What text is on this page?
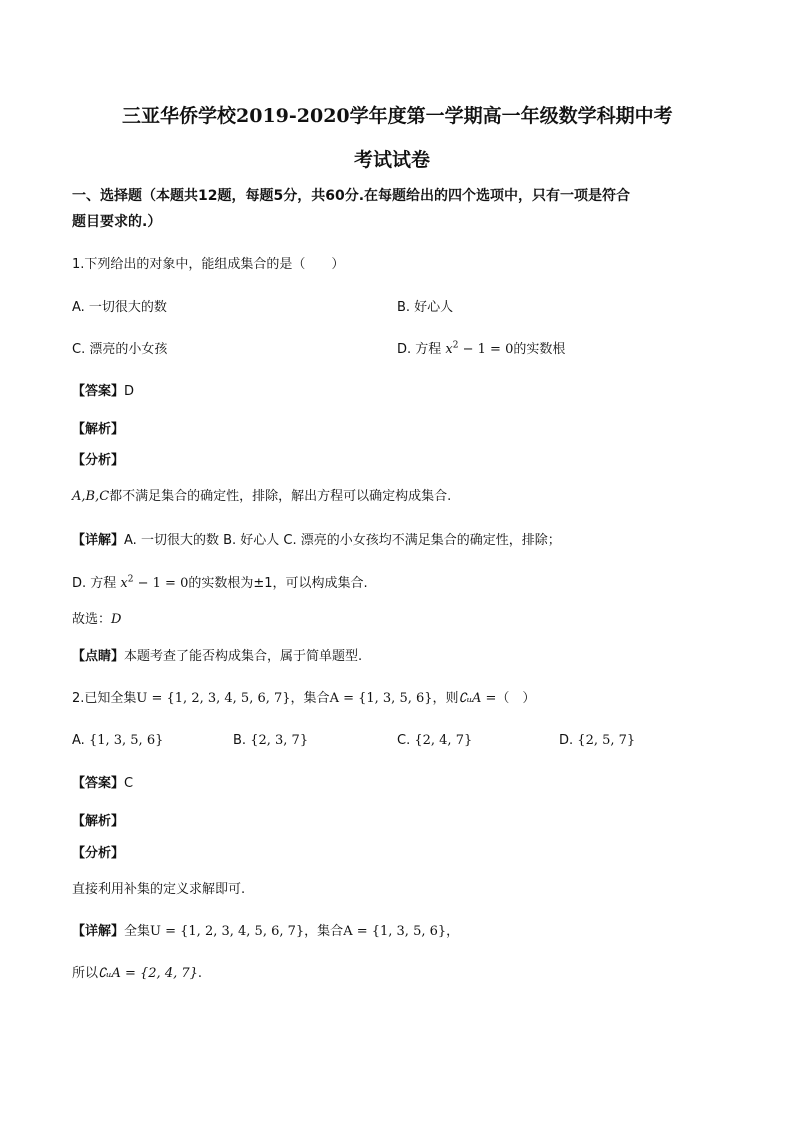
三亚华侨学校2019-2020学年度第一学期高一年级数学科期中考
考试试卷
一、选择题（本题共12题，每题5分，共60分.在每题给出的四个选项中，只有一项是符合
题目要求的.）
1.下列给出的对象中，能组成集合的是（　　）
A. 一切很大的数	B. 好心人
C. 漂亮的小女孩	D. 方程 $x^2 - 1 = 0$的实数根
【答案】D
【解析】
【分析】
A,B,C都不满足集合的确定性，排除，解出方程可以确定构成集合.
【详解】A. 一切很大的数 B. 好心人 C. 漂亮的小女孩均不满足集合的确定性，排除；
D. 方程 $x^2 - 1 = 0$的实数根为±1，可以构成集合.
故选：D
【点睛】本题考查了能否构成集合，属于简单题型.
2.已知全集U = {1, 2, 3, 4, 5, 6, 7}，集合A = {1, 3, 5, 6}，则∁ᵤA =（　）
A. {1, 3, 5, 6}	B. {2, 3, 7}	C. {2, 4, 7}	D. {2, 5, 7}
【答案】C
【解析】
【分析】
直接利用补集的定义求解即可.
【详解】全集U = {1, 2, 3, 4, 5, 6, 7}，集合A = {1, 3, 5, 6}，
所以∁ᵤA = {2, 4, 7}.
